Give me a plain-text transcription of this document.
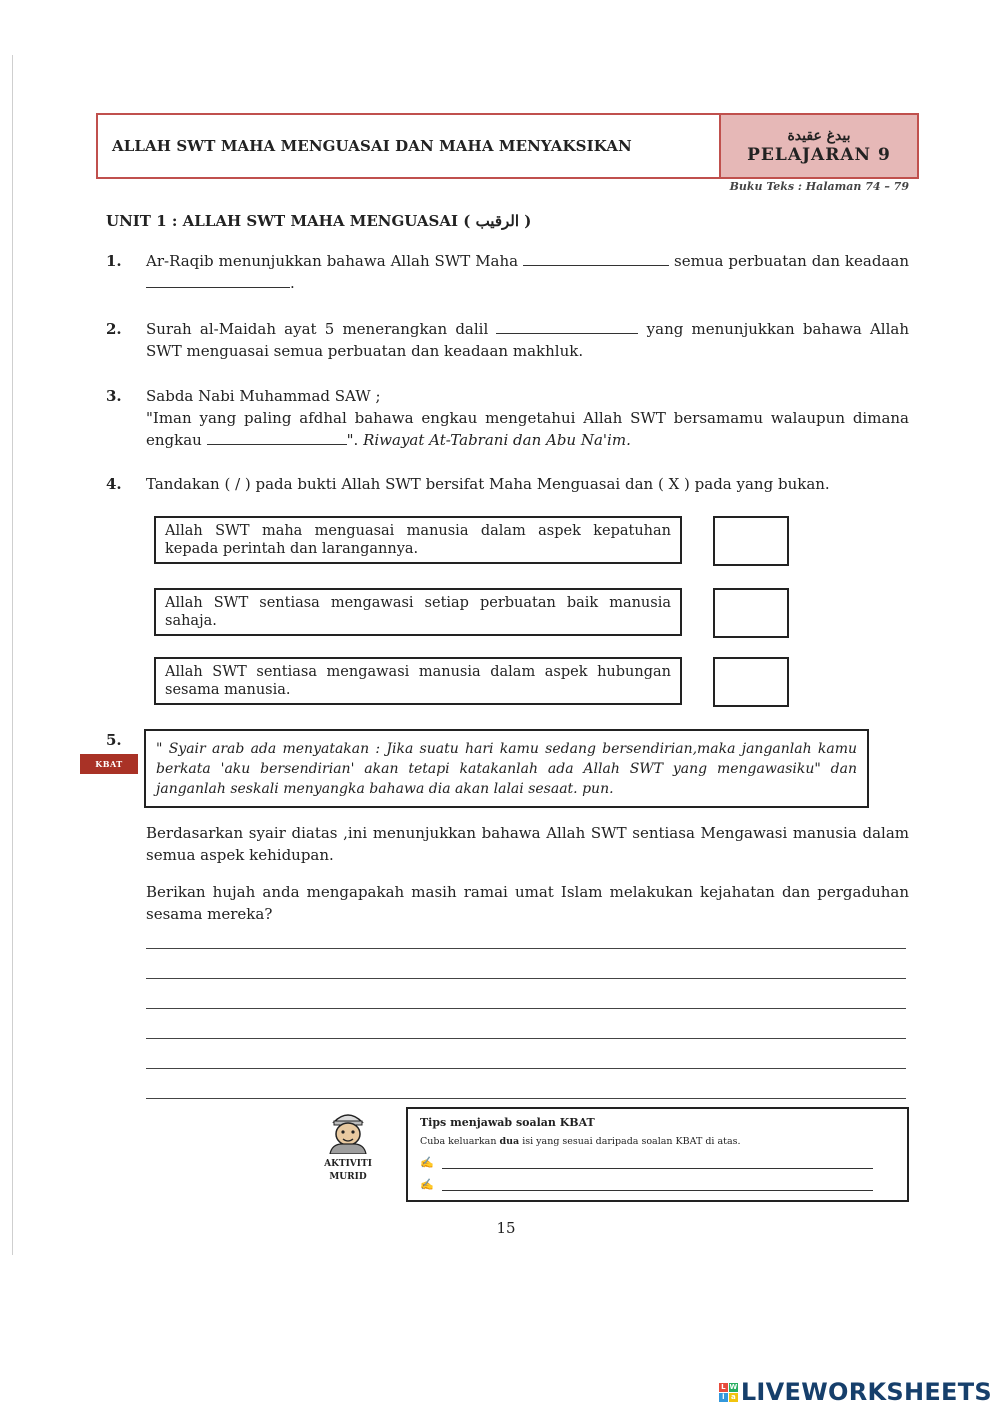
ALLAH SWT MAHA MENGUASAI DAN MAHA MENYAKSIKAN
بيدغ عقيدة
PELAJARAN 9
Buku Teks : Halaman 74 – 79
UNIT 1 : ALLAH SWT MAHA MENGUASAI ( الرقيب )
1. Ar-Raqib menunjukkan bahawa Allah SWT Maha	semua perbuatan dan keadaan .
2. Surah al-Maidah ayat 5 menerangkan dalil	yang menunjukkan bahawa Allah SWT menguasai semua perbuatan dan keadaan makhluk.
3. Sabda Nabi Muhammad SAW ;
"Iman yang paling afdhal bahawa engkau mengetahui Allah SWT bersamamu walaupun dimana engkau	". Riwayat At-Tabrani dan Abu Na'im.
4. Tandakan ( / ) pada bukti Allah SWT bersifat Maha Menguasai dan ( X ) pada yang bukan.
Allah SWT maha menguasai manusia dalam aspek kepatuhan kepada perintah dan larangannya.
Allah SWT sentiasa mengawasi setiap perbuatan baik manusia sahaja.
Allah SWT sentiasa mengawasi manusia dalam aspek hubungan sesama manusia.
5.
KBAT
" Syair arab ada menyatakan : Jika suatu hari kamu sedang bersendirian,maka janganlah kamu berkata 'aku bersendirian' akan tetapi katakanlah ada Allah SWT yang mengawasiku" dan janganlah seskali menyangka bahawa dia akan lalai sesaat. pun.
Berdasarkan syair diatas ,ini menunjukkan bahawa Allah SWT sentiasa Mengawasi manusia dalam semua aspek kehidupan.
Berikan hujah anda mengapakah masih ramai umat Islam melakukan kejahatan dan pergaduhan sesama mereka?
AKTIVITI
MURID
Tips menjawab soalan KBAT
Cuba keluarkan dua isi yang sesuai daripada soalan KBAT di atas.
✍
✍
15
L W
l a LIVEWORKSHEETS
